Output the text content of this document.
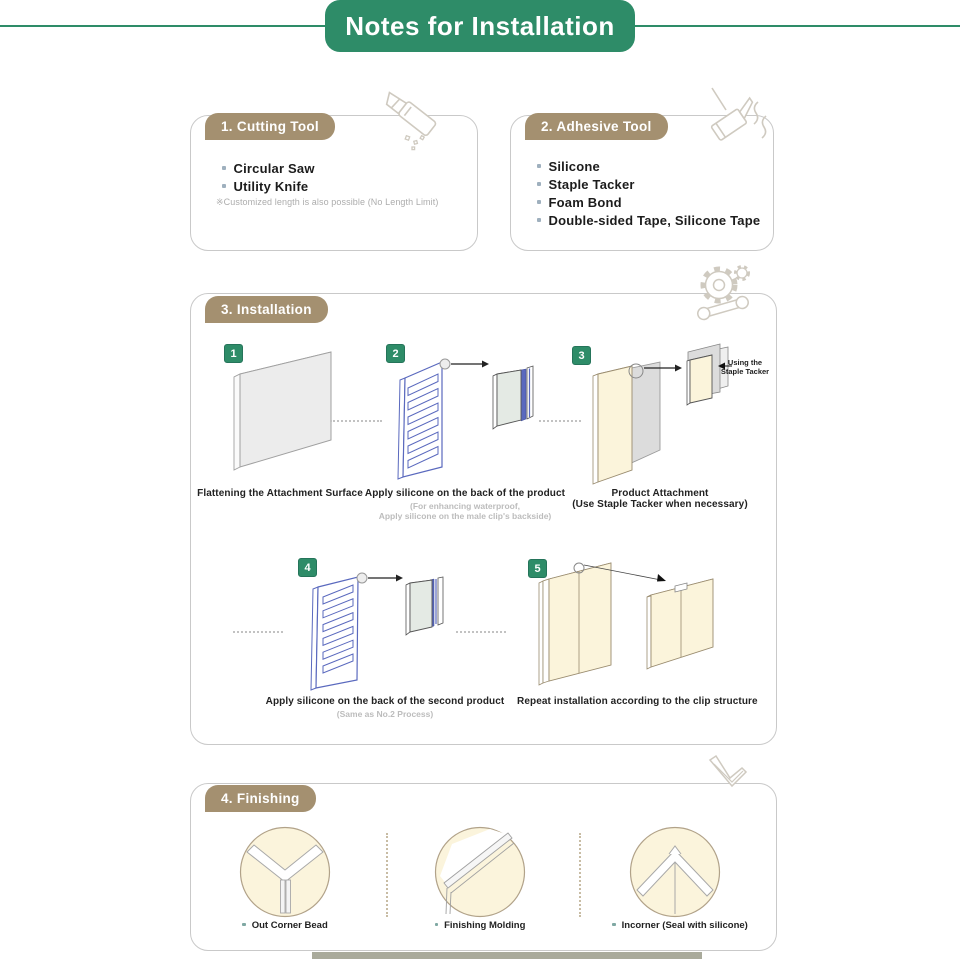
Notes for Installation
1. Cutting Tool
Circular Saw
Utility Knife
※Customized length is also possible (No Length Limit)
2. Adhesive Tool
Silicone
Staple Tacker
Foam Bond
Double-sided Tape, Silicone Tape
3. Installation
1
Flattening the Attachment Surface
2
Apply silicone on the back of the product
(For enhancing waterproof,
Apply silicone on the male clip's backside)
3
Using the
Staple Tacker
Product Attachment
(Use Staple Tacker when necessary)
4
Apply silicone on the back of the second product
(Same as No.2 Process)
5
Repeat installation according to the clip structure
4. Finishing
Out Corner Bead	Finishing Molding	Incorner (Seal with silicone)
